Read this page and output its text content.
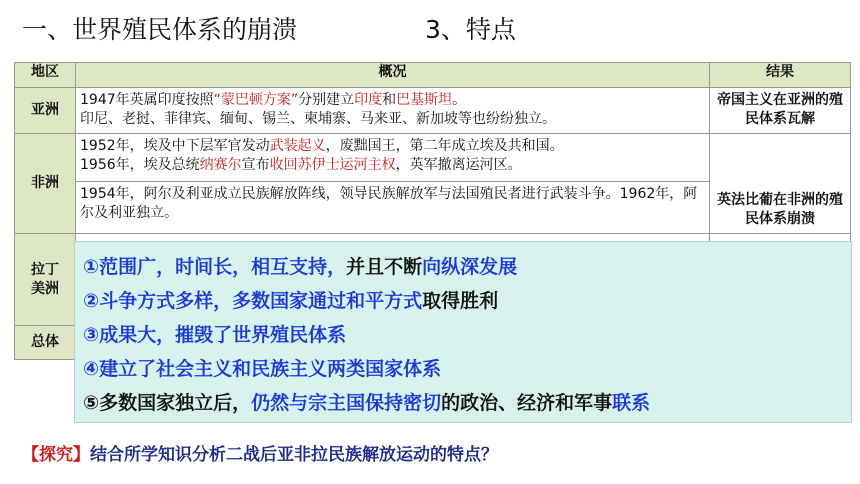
一、世界殖民体系的崩溃	3、特点
地区	概况	结果
亚洲	1947年英属印度按照“蒙巴顿方案”分别建立印度和巴基斯坦。
印尼、老挝、菲律宾、缅甸、锡兰、柬埔寨、马来亚、新加坡等也纷纷独立。	帝国主义在亚洲的殖民体系瓦解
非洲	1952年，埃及中下层军官发动武装起义，废黜国王，第二年成立埃及共和国。
1956年，埃及总统纳赛尔宣布收回苏伊士运河主权，英军撤离运河区。	英法比葡在非洲的殖民体系崩溃

	1954年，阿尔及利亚成立民族解放阵线，领导民族解放军与法国殖民者进行武装斗争。1962年，阿尔及利亚独立。	
拉丁美洲		
总体		
①范围广，时间长，相互支持，并且不断向纵深发展
②斗争方式多样，多数国家通过和平方式取得胜利
③成果大，摧毁了世界殖民体系
④建立了社会主义和民族主义两类国家体系
⑤多数国家独立后，仍然与宗主国保持密切的政治、经济和军事联系
【探究】结合所学知识分析二战后亚非拉民族解放运动的特点？
